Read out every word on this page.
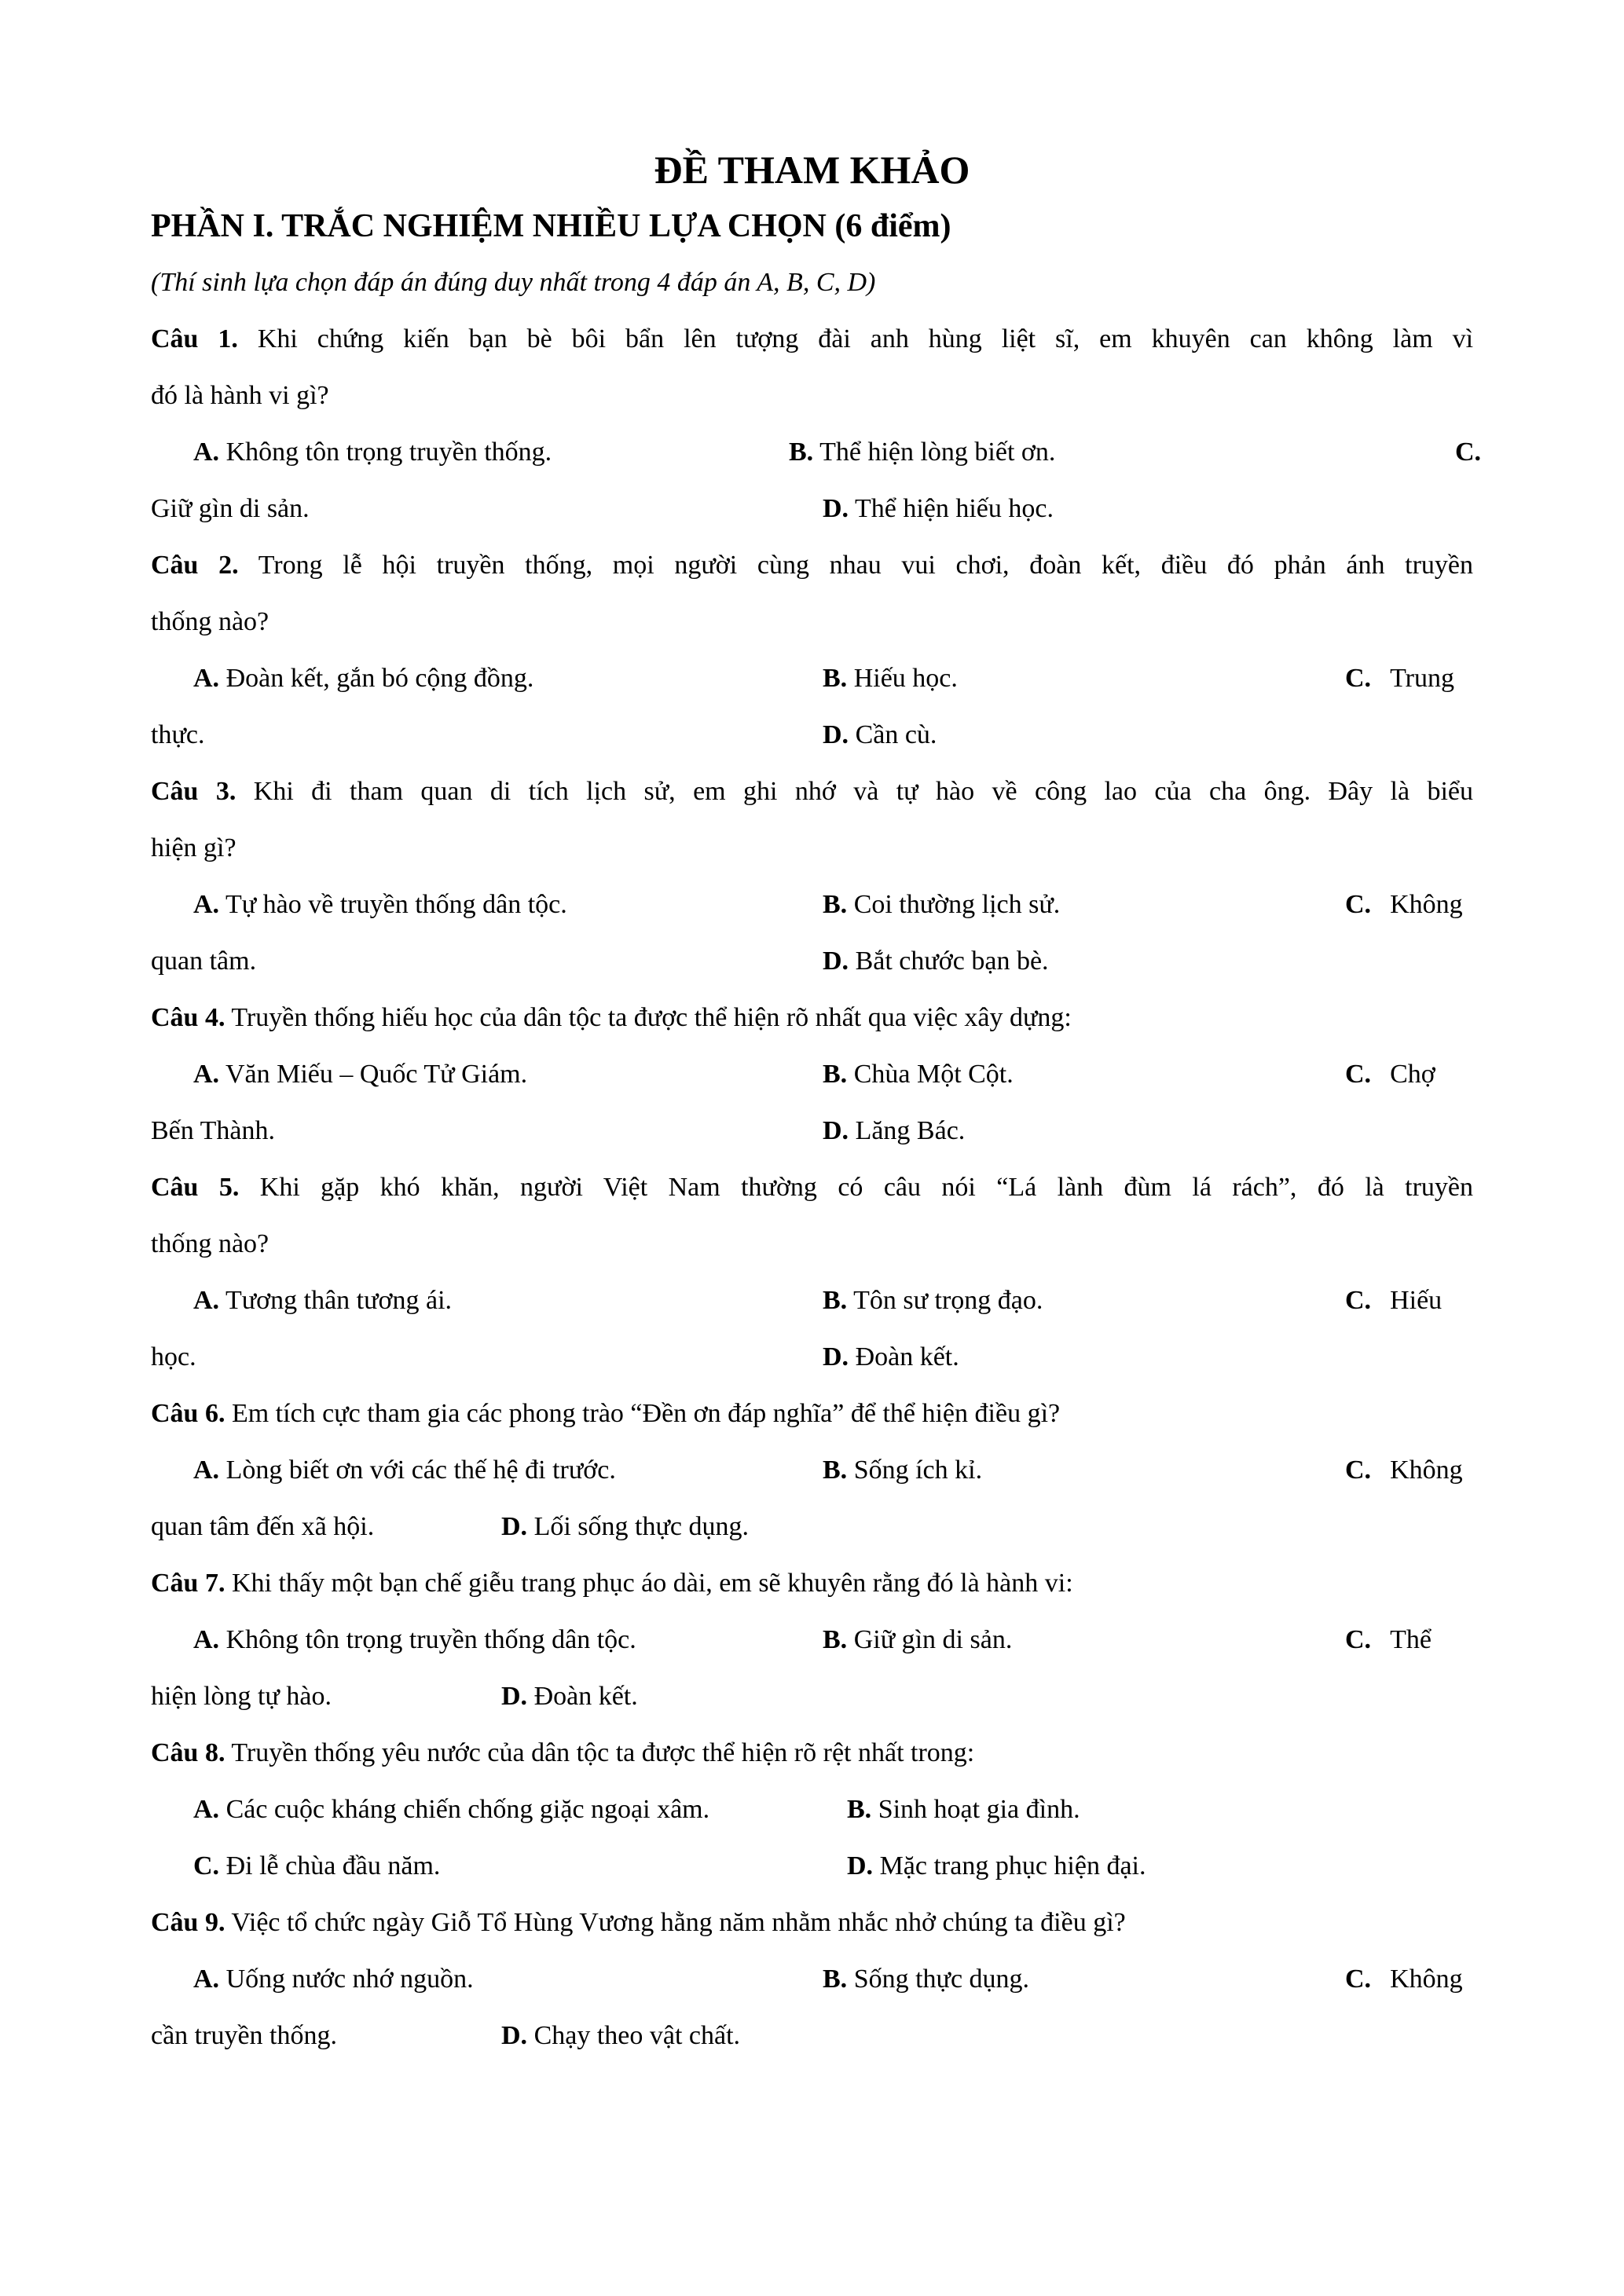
ĐỀ THAM KHẢO
PHẦN I. TRẮC NGHIỆM NHIỀU LỰA CHỌN (6 điểm)
(Thí sinh lựa chọn đáp án đúng duy nhất trong 4 đáp án A, B, C, D)
Câu 1. Khi chứng kiến bạn bè bôi bẩn lên tượng đài anh hùng liệt sĩ, em khuyên can không làm vì
đó là hành vi gì?
A. Không tôn trọng truyền thống.	B. Thể hiện lòng biết ơn.	C.
Giữ gìn di sản.	D. Thể hiện hiếu học.
Câu 2. Trong lễ hội truyền thống, mọi người cùng nhau vui chơi, đoàn kết, điều đó phản ánh truyền
thống nào?
A. Đoàn kết, gắn bó cộng đồng.	B. Hiếu học.	C. Trung
thực.	D. Cần cù.
Câu 3. Khi đi tham quan di tích lịch sử, em ghi nhớ và tự hào về công lao của cha ông. Đây là biểu
hiện gì?
A. Tự hào về truyền thống dân tộc.	B. Coi thường lịch sử.	C. Không
quan tâm.	D. Bắt chước bạn bè.
Câu 4. Truyền thống hiếu học của dân tộc ta được thể hiện rõ nhất qua việc xây dựng:
A. Văn Miếu – Quốc Tử Giám.	B. Chùa Một Cột.	C. Chợ
Bến Thành.	D. Lăng Bác.
Câu 5. Khi gặp khó khăn, người Việt Nam thường có câu nói “Lá lành đùm lá rách”, đó là truyền
thống nào?
A. Tương thân tương ái.	B. Tôn sư trọng đạo.	C. Hiếu
học.	D. Đoàn kết.
Câu 6. Em tích cực tham gia các phong trào “Đền ơn đáp nghĩa” để thể hiện điều gì?
A. Lòng biết ơn với các thế hệ đi trước.	B. Sống ích kỉ.	C. Không
quan tâm đến xã hội.	D. Lối sống thực dụng.
Câu 7. Khi thấy một bạn chế giễu trang phục áo dài, em sẽ khuyên rằng đó là hành vi:
A. Không tôn trọng truyền thống dân tộc.	B. Giữ gìn di sản.	C. Thể
hiện lòng tự hào.	D. Đoàn kết.
Câu 8. Truyền thống yêu nước của dân tộc ta được thể hiện rõ rệt nhất trong:
A. Các cuộc kháng chiến chống giặc ngoại xâm.	B. Sinh hoạt gia đình.
C. Đi lễ chùa đầu năm.	D. Mặc trang phục hiện đại.
Câu 9. Việc tổ chức ngày Giỗ Tổ Hùng Vương hằng năm nhằm nhắc nhở chúng ta điều gì?
A. Uống nước nhớ nguồn.	B. Sống thực dụng.	C. Không
cần truyền thống.	D. Chạy theo vật chất.
